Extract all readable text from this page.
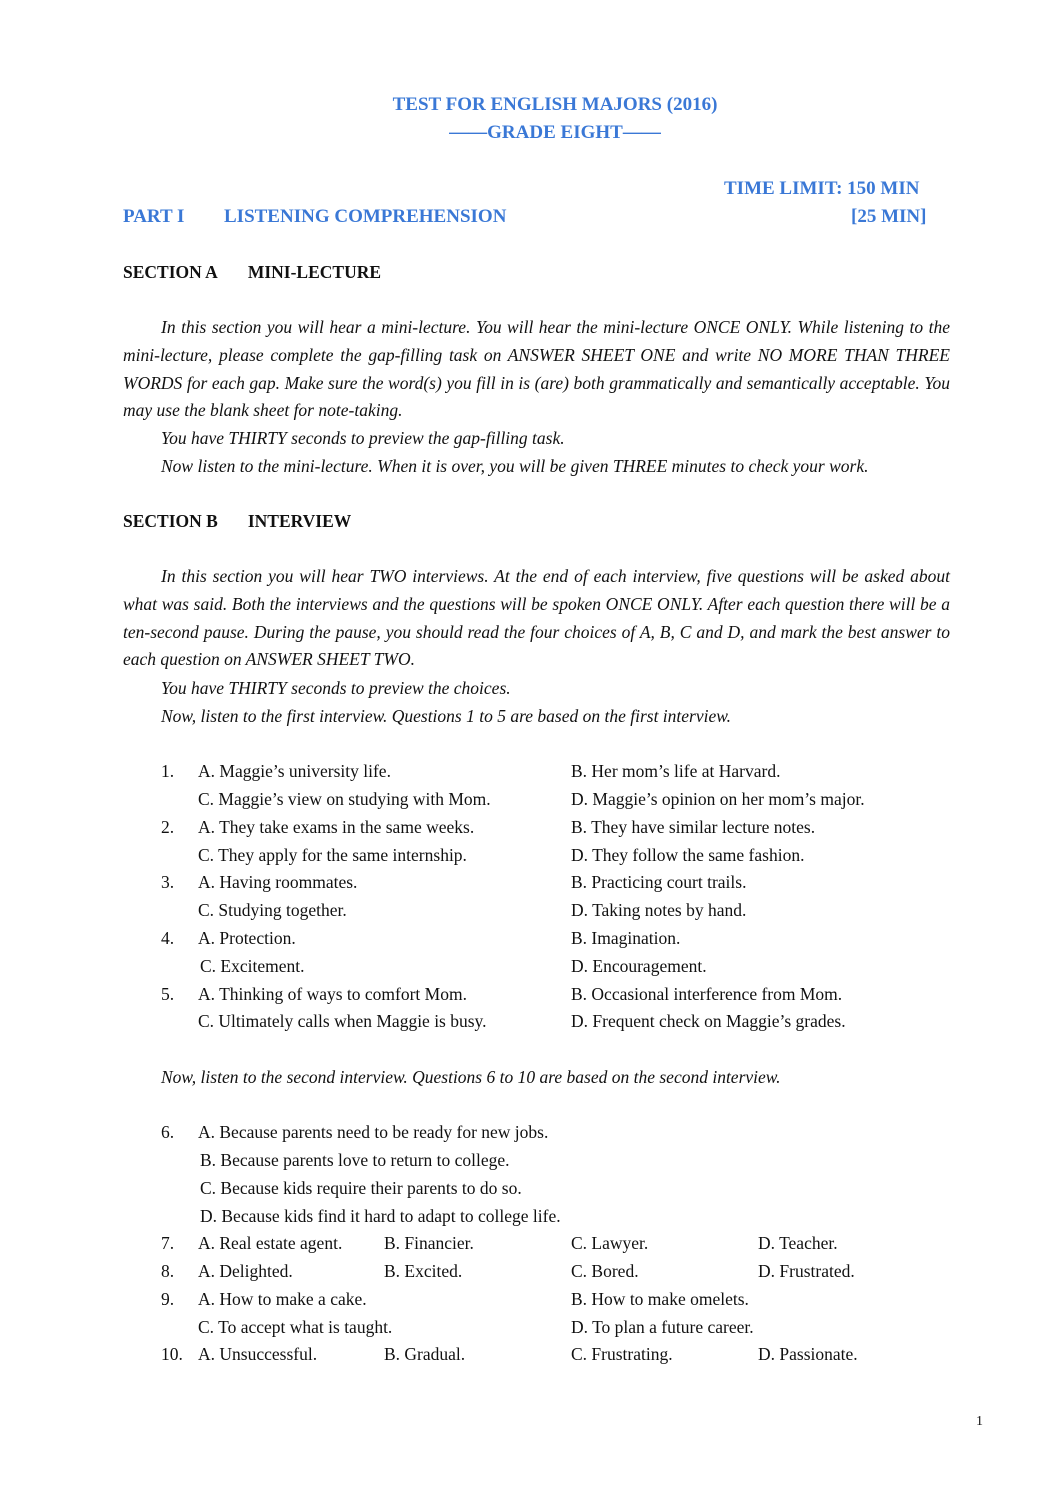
TEST FOR ENGLISH MAJORS (2016)
——GRADE EIGHT——
TIME LIMIT: 150 MIN
PART I LISTENING COMPREHENSION	[25 MIN]
SECTION A MINI-LECTURE

In this section you will hear a mini-lecture. You will hear the mini-lecture ONCE ONLY. While listening to the mini-lecture, please complete the gap-filling task on ANSWER SHEET ONE and write NO MORE THAN THREE WORDS for each gap. Make sure the word(s) you fill in is (are) both grammatically and semantically acceptable. You may use the blank sheet for note-taking.

You have THIRTY seconds to preview the gap-filling task.
Now listen to the mini-lecture. When it is over, you will be given THREE minutes to check your work.
SECTION B INTERVIEW

In this section you will hear TWO interviews. At the end of each interview, five questions will be asked about what was said. Both the interviews and the questions will be spoken ONCE ONLY. After each question there will be a ten-second pause. During the pause, you should read the four choices of A, B, C and D, and mark the best answer to each question on ANSWER SHEET TWO.

You have THIRTY seconds to preview the choices.
Now, listen to the first interview. Questions 1 to 5 are based on the first interview.
1. A. Maggie’s university life.	B. Her mom’s life at Harvard.
C. Maggie’s view on studying with Mom.	D. Maggie’s opinion on her mom’s major.
2. A. They take exams in the same weeks.	B. They have similar lecture notes.
C. They apply for the same internship.	D. They follow the same fashion.
3. A. Having roommates.	B. Practicing court trails.
C. Studying together.	D. Taking notes by hand.
4. A. Protection.	B. Imagination.
C. Excitement.	D. Encouragement.
5. A. Thinking of ways to comfort Mom.	B. Occasional interference from Mom.
C. Ultimately calls when Maggie is busy.	D. Frequent check on Maggie’s grades.
Now, listen to the second interview. Questions 6 to 10 are based on the second interview.
6. A. Because parents need to be ready for new jobs.
B. Because parents love to return to college.
C. Because kids require their parents to do so.
D. Because kids find it hard to adapt to college life.
7. A. Real estate agent. B. Financier.	C. Lawyer.	D. Teacher.
8. A. Delighted.	B. Excited.	C. Bored.	D. Frustrated.
9. A. How to make a cake.	B. How to make omelets.
C. To accept what is taught.	D. To plan a future career.
10. A. Unsuccessful.	B. Gradual.	C. Frustrating.	D. Passionate.
1
